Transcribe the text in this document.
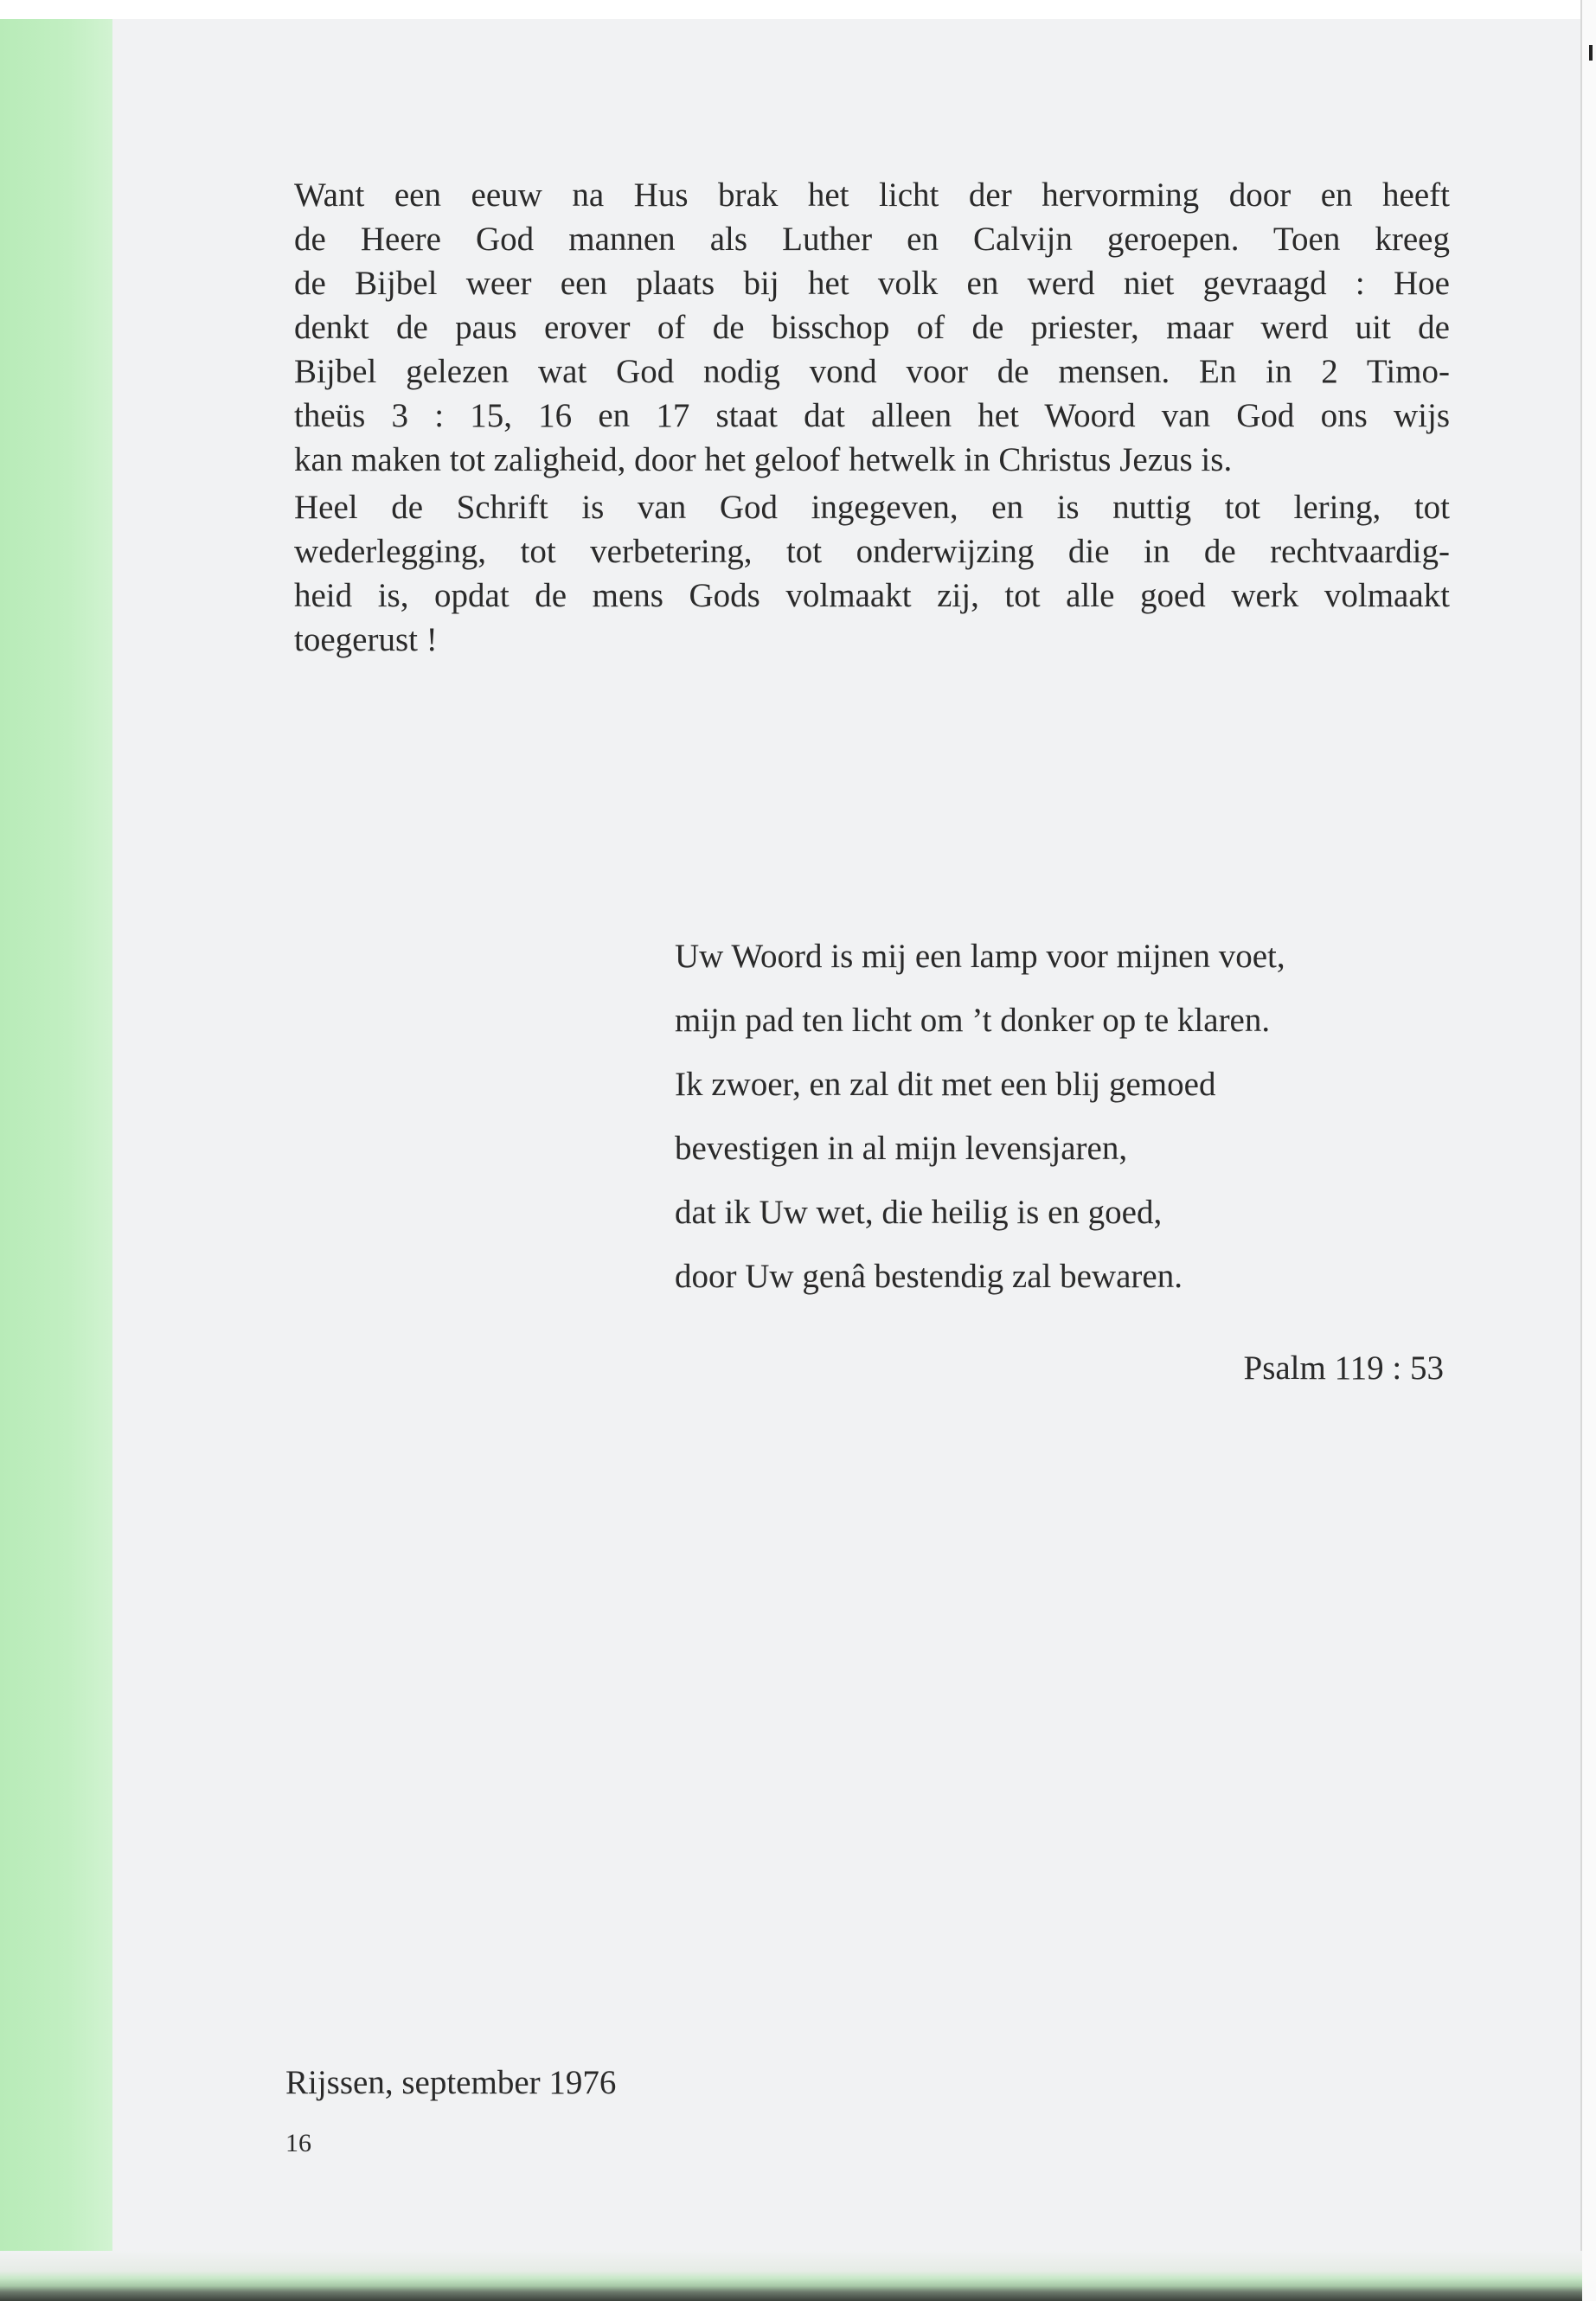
Want een eeuw na Hus brak het licht der hervorming door en heeft
de Heere God mannen als Luther en Calvijn geroepen. Toen kreeg
de Bijbel weer een plaats bij het volk en werd niet gevraagd : Hoe
denkt de paus erover of de bisschop of de priester, maar werd uit de
Bijbel gelezen wat God nodig vond voor de mensen. En in 2 Timo-
theüs 3 : 15, 16 en 17 staat dat alleen het Woord van God ons wijs
kan maken tot zaligheid, door het geloof hetwelk in Christus Jezus is.

Heel de Schrift is van God ingegeven, en is nuttig tot lering, tot
wederlegging, tot verbetering, tot onderwijzing die in de rechtvaardig-
heid is, opdat de mens Gods volmaakt zij, tot alle goed werk volmaakt
toegerust !

Uw Woord is mij een lamp voor mijnen voet,
mijn pad ten licht om ’t donker op te klaren.
Ik zwoer, en zal dit met een blij gemoed
bevestigen in al mijn levensjaren,
dat ik Uw wet, die heilig is en goed,
door Uw genâ bestendig zal bewaren.
Psalm 119 : 53
Rijssen, september 1976
16
